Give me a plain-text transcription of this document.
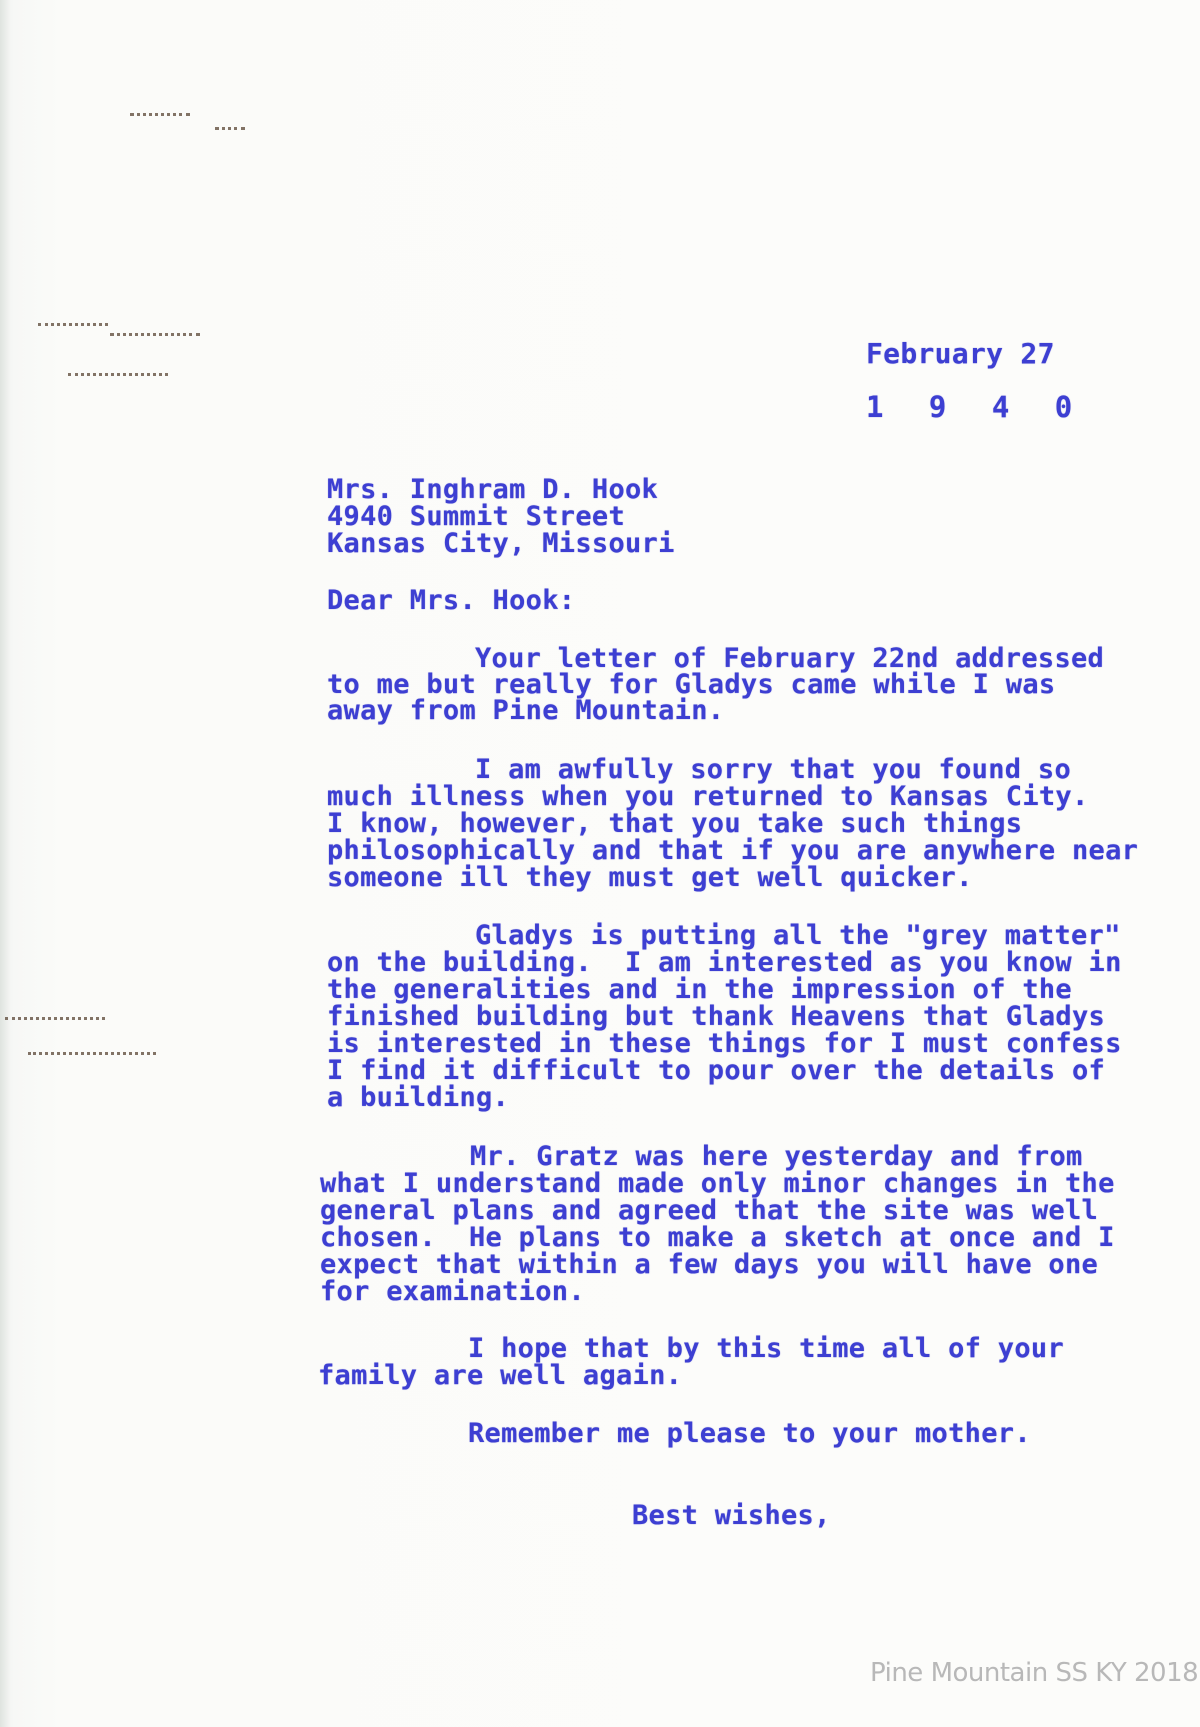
February 27
1 9 4 0
Mrs. Inghram D. Hook
4940 Summit Street
Kansas City, Missouri
Dear Mrs. Hook:
Your letter of February 22nd addressed
to me but really for Gladys came while I was
away from Pine Mountain.
I am awfully sorry that you found so
much illness when you returned to Kansas City.
I know, however, that you take such things
philosophically and that if you are anywhere near
someone ill they must get well quicker.
Gladys is putting all the "grey matter"
on the building.  I am interested as you know in
the generalities and in the impression of the
finished building but thank Heavens that Gladys
is interested in these things for I must confess
I find it difficult to pour over the details of
a building.
Mr. Gratz was here yesterday and from
what I understand made only minor changes in the
general plans and agreed that the site was well
chosen.  He plans to make a sketch at once and I
expect that within a few days you will have one
for examination.
I hope that by this time all of your
family are well again.
Remember me please to your mother.
Best wishes,
Pine Mountain SS KY 2018
